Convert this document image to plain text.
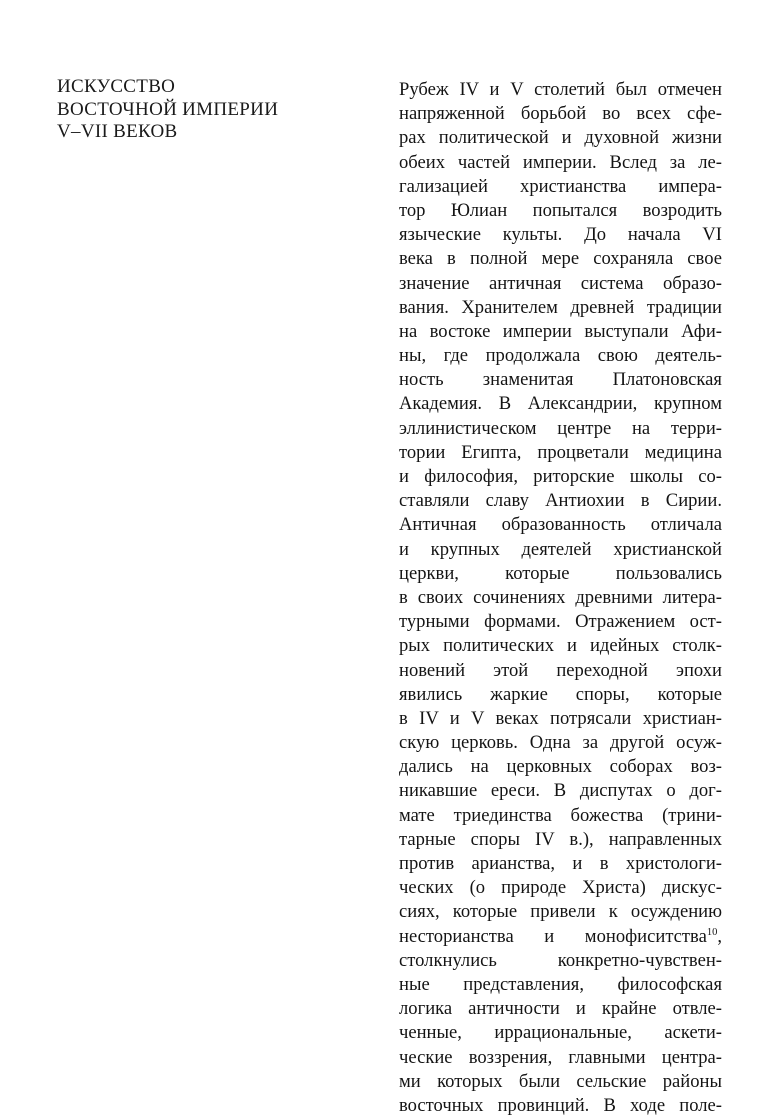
ИСКУССТВО
ВОСТОЧНОЙ ИМПЕРИИ
V–VII ВЕКОВ
Рубеж IV и V столетий был отмечен
напряженной борьбой во всех сфе-
рах политической и духовной жизни
обеих частей империи. Вслед за ле-
гализацией христианства импера-
тор Юлиан попытался возродить
языческие культы. До начала VI
века в полной мере сохраняла свое
значение античная система образо-
вания. Хранителем древней традиции
на востоке империи выступали Афи-
ны, где продолжала свою деятель-
ность знаменитая Платоновская
Академия. В Александрии, крупном
эллинистическом центре на терри-
тории Египта, процветали медицина
и философия, риторские школы со-
ставляли славу Антиохии в Сирии.
Античная образованность отличала
и крупных деятелей христианской
церкви, которые пользовались
в своих сочинениях древними литера-
турными формами. Отражением ост-
рых политических и идейных столк-
новений этой переходной эпохи
явились жаркие споры, которые
в IV и V веках потрясали христиан-
скую церковь. Одна за другой осуж-
дались на церковных соборах воз-
никавшие ереси. В диспутах о дог-
мате триединства божества (трини-
тарные споры IV в.), направленных
против арианства, и в христологи-
ческих (о природе Христа) дискус-
сиях, которые привели к осуждению
несторианства и монофиситства$^{10}$,
столкнулись конкретно-чувствен-
ные представления, философская
логика античности и крайне отвле-
ченные, иррациональные, аскети-
ческие воззрения, главными центра-
ми которых были сельские районы
восточных провинций. В ходе поле-
